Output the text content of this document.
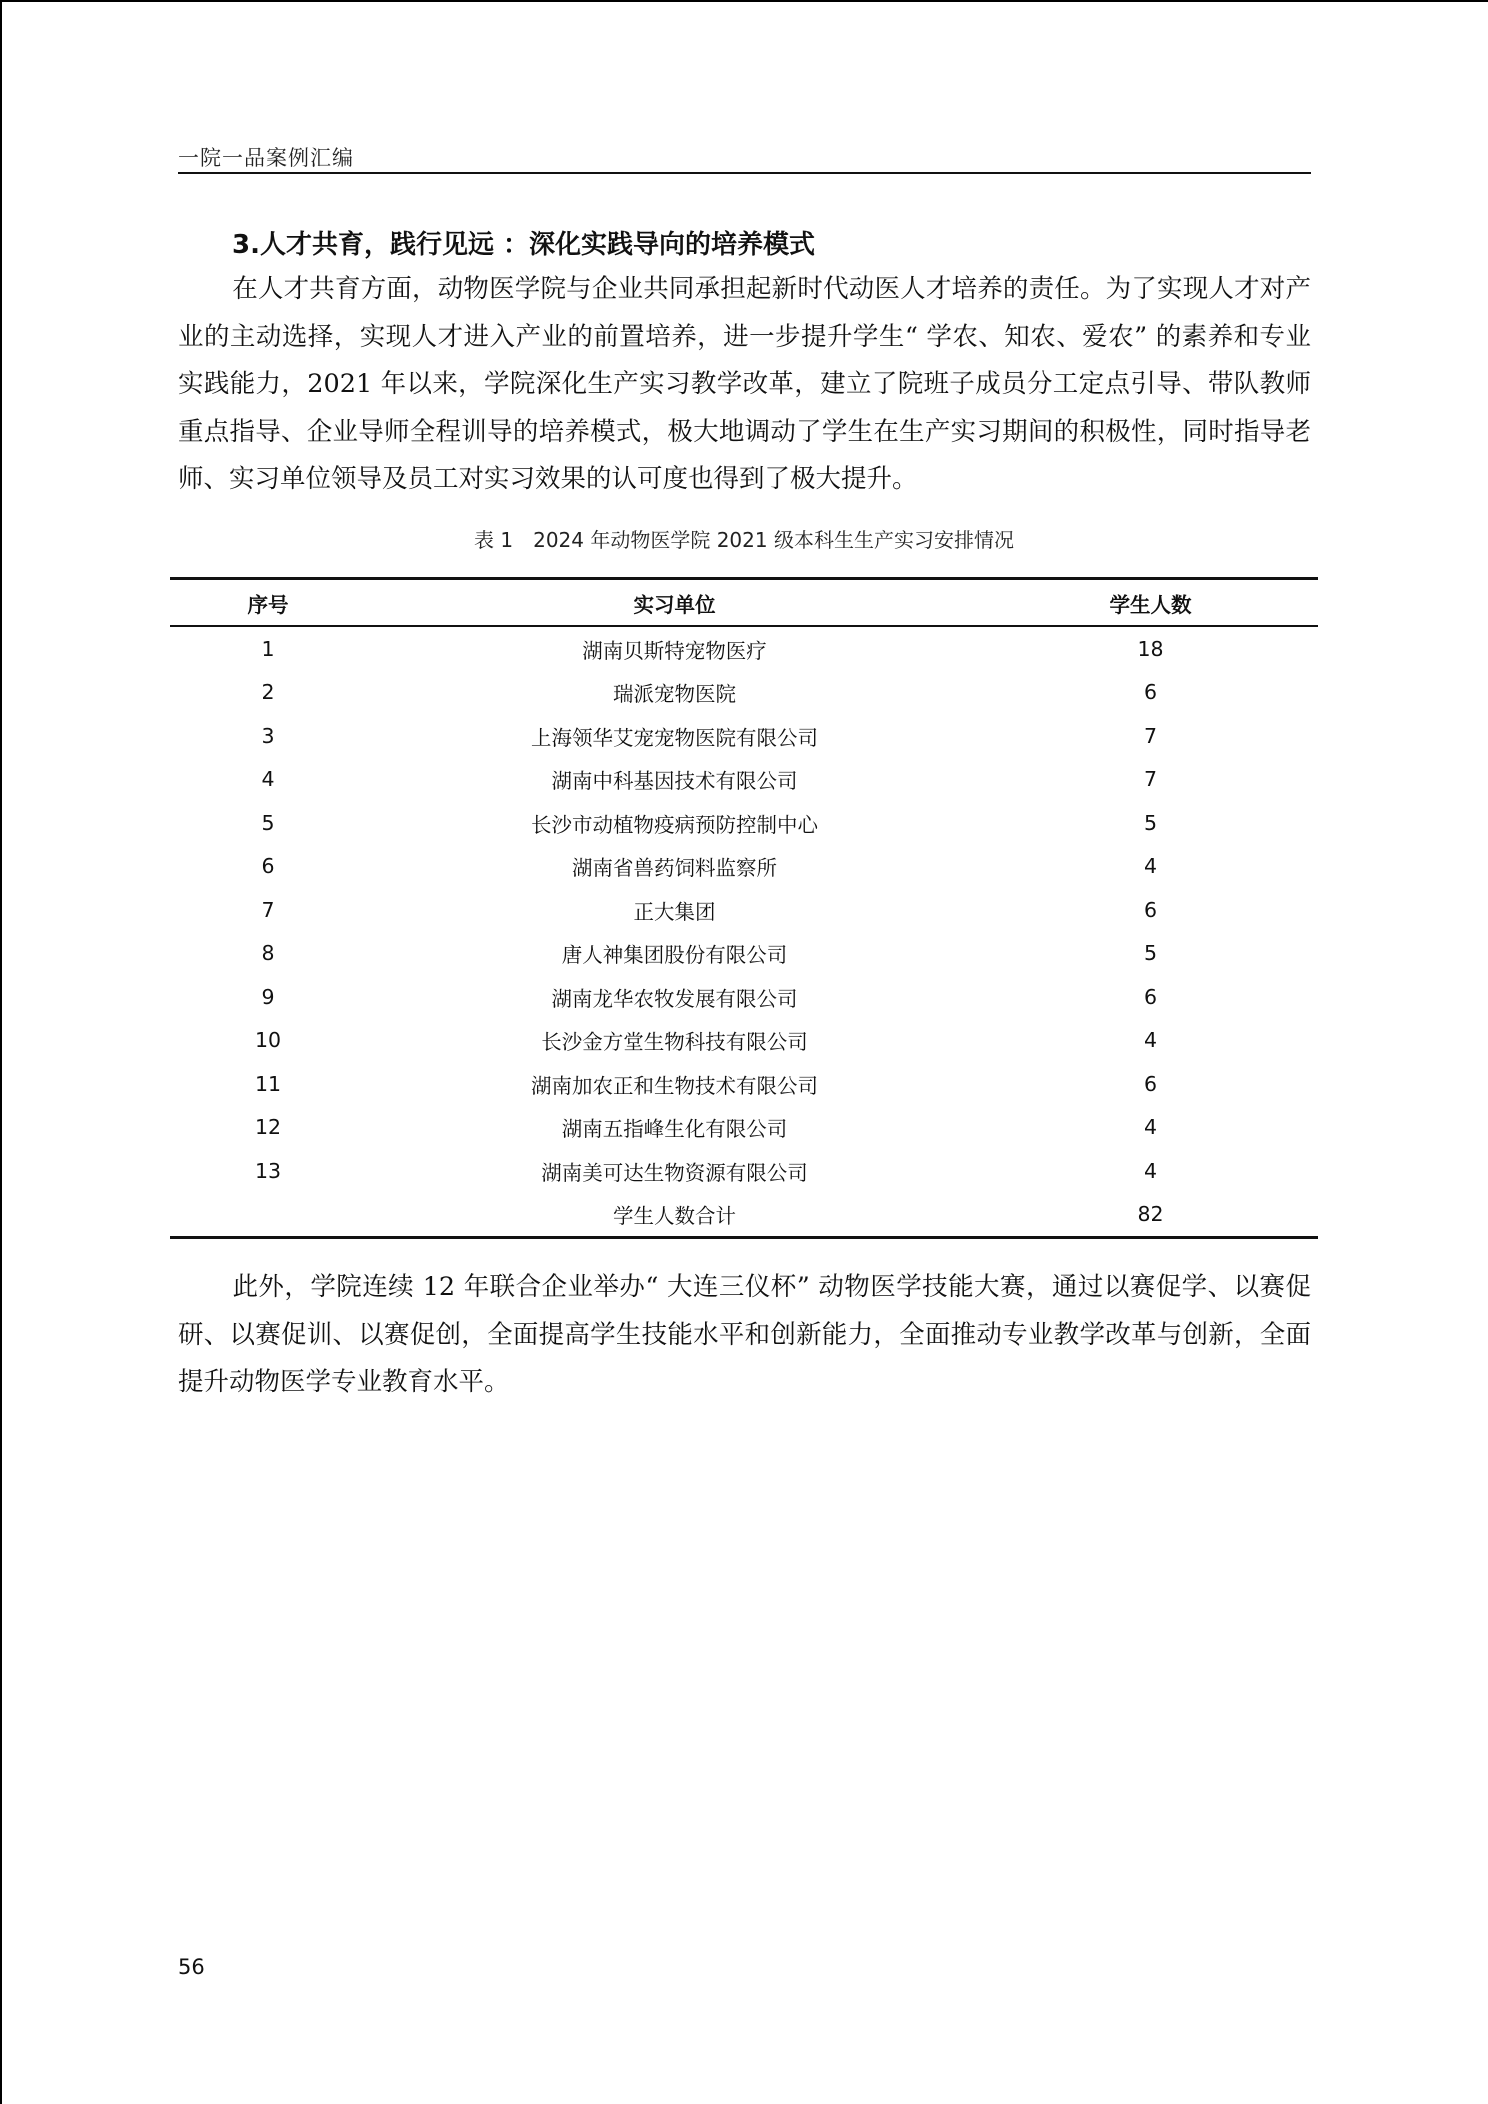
一院一品案例汇编
3.人才共育，践行见远 ：深化实践导向的培养模式
在人才共育方面，动物医学院与企业共同承担起新时代动医人才培养的责任。为了实现人才对产业的主动选择，实现人才进入产业的前置培养，进一步提升学生“ 学农、知农、爱农” 的素养和专业实践能力，2021 年以来，学院深化生产实习教学改革，建立了院班子成员分工定点引导、带队教师重点指导、企业导师全程训导的培养模式，极大地调动了学生在生产实习期间的积极性，同时指导老师、实习单位领导及员工对实习效果的认可度也得到了极大提升。
表 1　2024 年动物医学院 2021 级本科生生产实习安排情况
序号	实习单位	学生人数
1	湖南贝斯特宠物医疗	18
2	瑞派宠物医院	6
3	上海领华艾宠宠物医院有限公司	7
4	湖南中科基因技术有限公司	7
5	长沙市动植物疫病预防控制中心	5
6	湖南省兽药饲料监察所	4
7	正大集团	6
8	唐人神集团股份有限公司	5
9	湖南龙华农牧发展有限公司	6
10	长沙金方堂生物科技有限公司	4
11	湖南加农正和生物技术有限公司	6
12	湖南五指峰生化有限公司	4
13	湖南美可达生物资源有限公司	4
学生人数合计	82
此外，学院连续 12 年联合企业举办“ 大连三仪杯” 动物医学技能大赛，通过以赛促学、以赛促研、以赛促训、以赛促创，全面提高学生技能水平和创新能力，全面推动专业教学改革与创新，全面提升动物医学专业教育水平。
56
